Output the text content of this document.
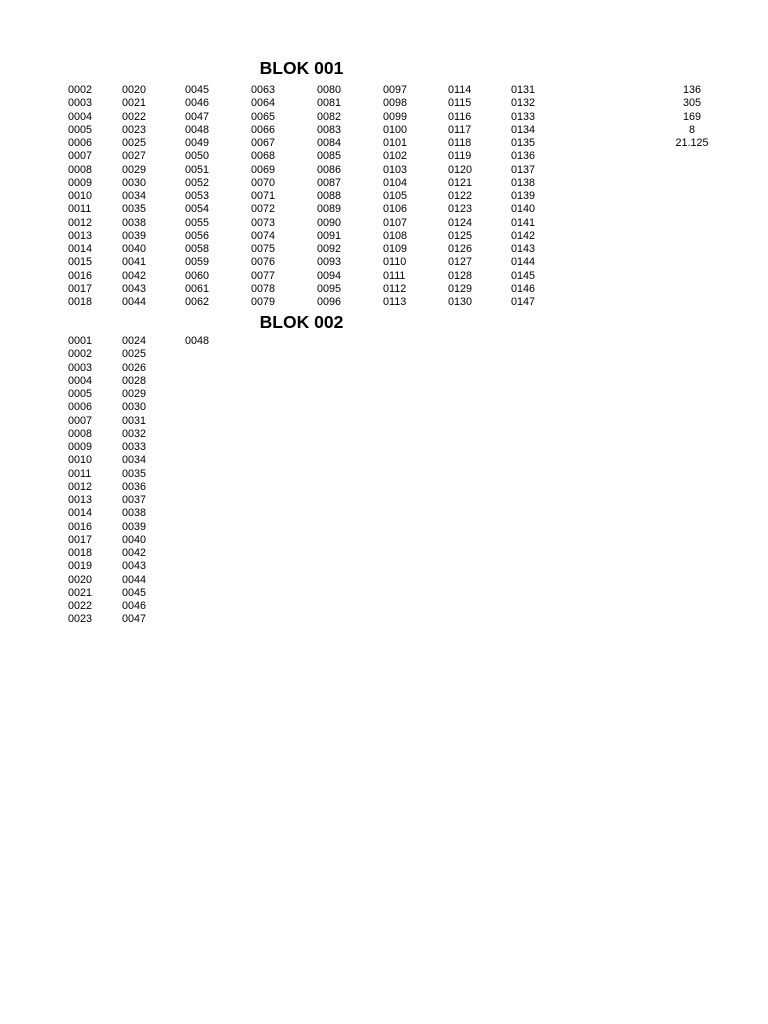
BLOK 001
0002
0003
0004
0005
0006
0007
0008
0009
0010
0011
0012
0013
0014
0015
0016
0017
0018
0020
0021
0022
0023
0025
0027
0029
0030
0034
0035
0038
0039
0040
0041
0042
0043
0044
0045
0046
0047
0048
0049
0050
0051
0052
0053
0054
0055
0056
0058
0059
0060
0061
0062
0063
0064
0065
0066
0067
0068
0069
0070
0071
0072
0073
0074
0075
0076
0077
0078
0079
0080
0081
0082
0083
0084
0085
0086
0087
0088
0089
0090
0091
0092
0093
0094
0095
0096
0097
0098
0099
0100
0101
0102
0103
0104
0105
0106
0107
0108
0109
0110
0111
0112
0113
0114
0115
0116
0117
0118
0119
0120
0121
0122
0123
0124
0125
0126
0127
0128
0129
0130
0131
0132
0133
0134
0135
0136
0137
0138
0139
0140
0141
0142
0143
0144
0145
0146
0147
136
305
169
8
21.125
BLOK 002
0001
0002
0003
0004
0005
0006
0007
0008
0009
0010
0011
0012
0013
0014
0016
0017
0018
0019
0020
0021
0022
0023
0024
0025
0026
0028
0029
0030
0031
0032
0033
0034
0035
0036
0037
0038
0039
0040
0042
0043
0044
0045
0046
0047
0048
